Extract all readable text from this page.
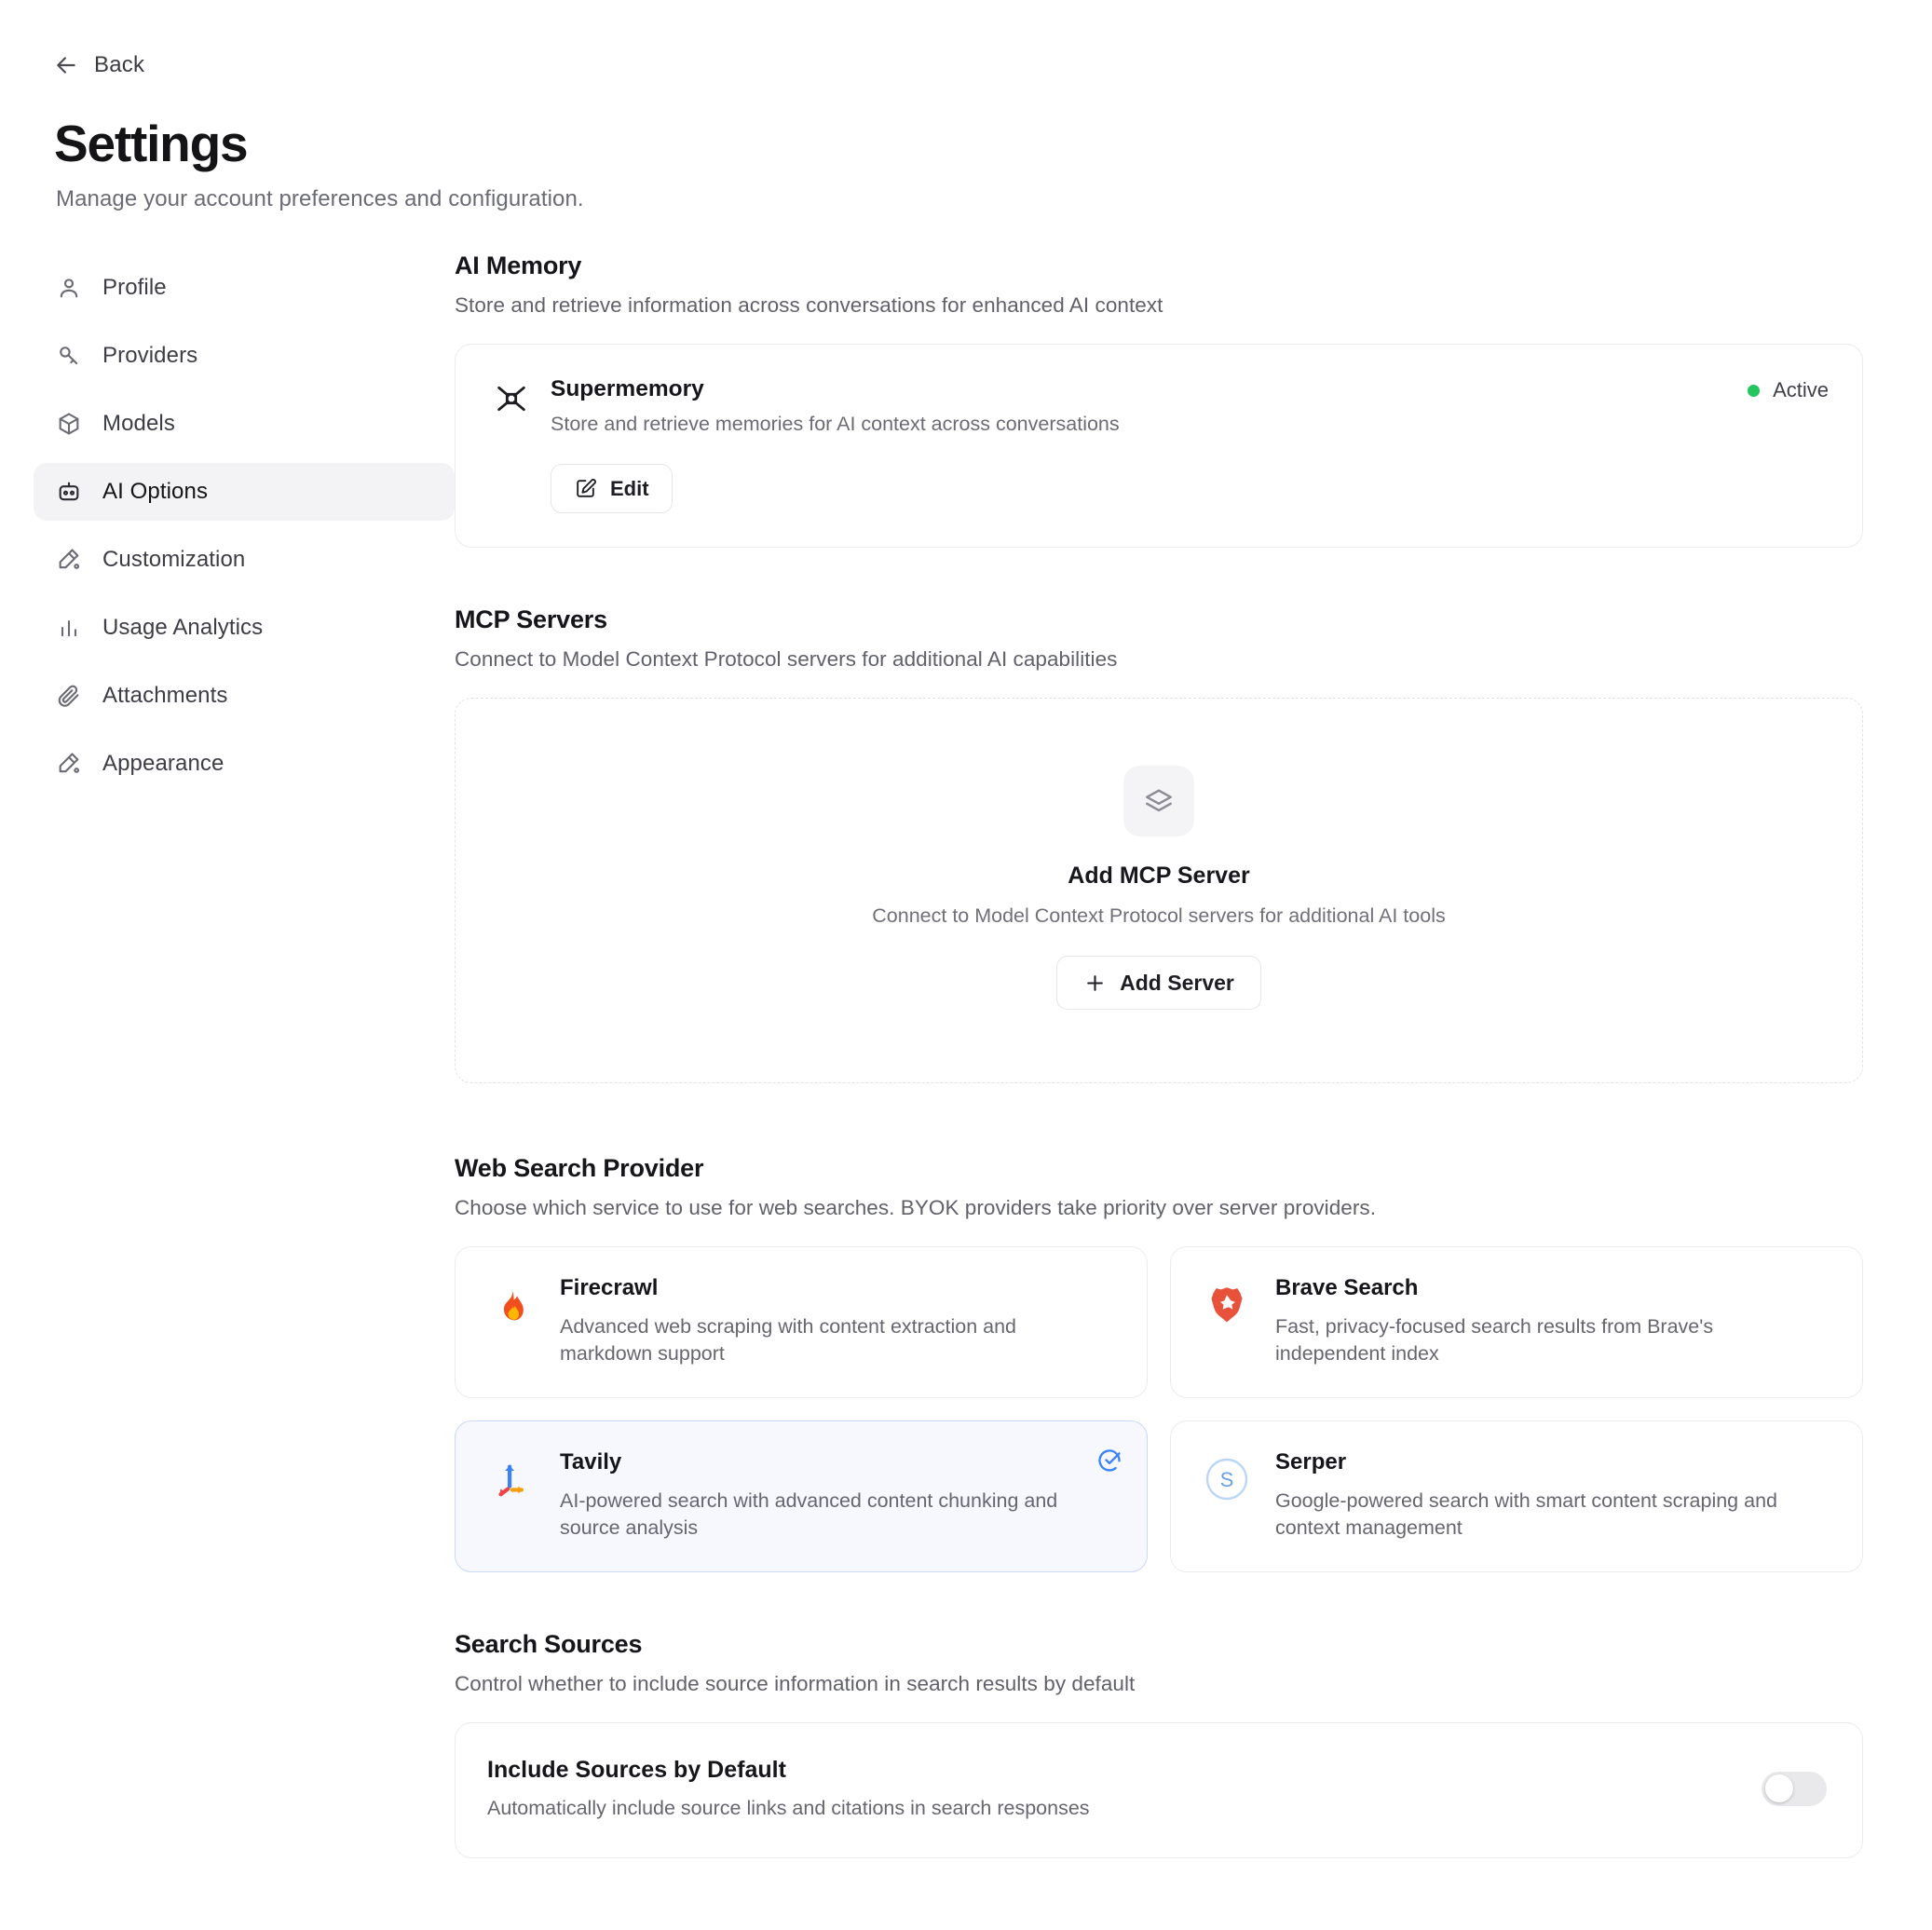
Back
Settings

Manage your account preferences and configuration.

Profile
Providers
Models
AI Options
Customization
Usage Analytics
Attachments
Appearance
AI Memory

Store and retrieve information across conversations for enhanced AI context

Active
Supermemory
Store and retrieve memories for AI context across conversations
Edit
MCP Servers

Connect to Model Context Protocol servers for additional AI capabilities

Add MCP Server
Connect to Model Context Protocol servers for additional AI tools
Add Server
Web Search Provider

Choose which service to use for web searches. BYOK providers take priority over server providers.

Firecrawl
Advanced web scraping with content extraction and markdown support
Brave Search
Fast, privacy-focused search results from Brave's independent index
Tavily
AI-powered search with advanced content chunking and source analysis
S
Serper
Google-powered search with smart content scraping and context management
Search Sources

Control whether to include source information in search results by default

Include Sources by Default
Automatically include source links and citations in search responses
